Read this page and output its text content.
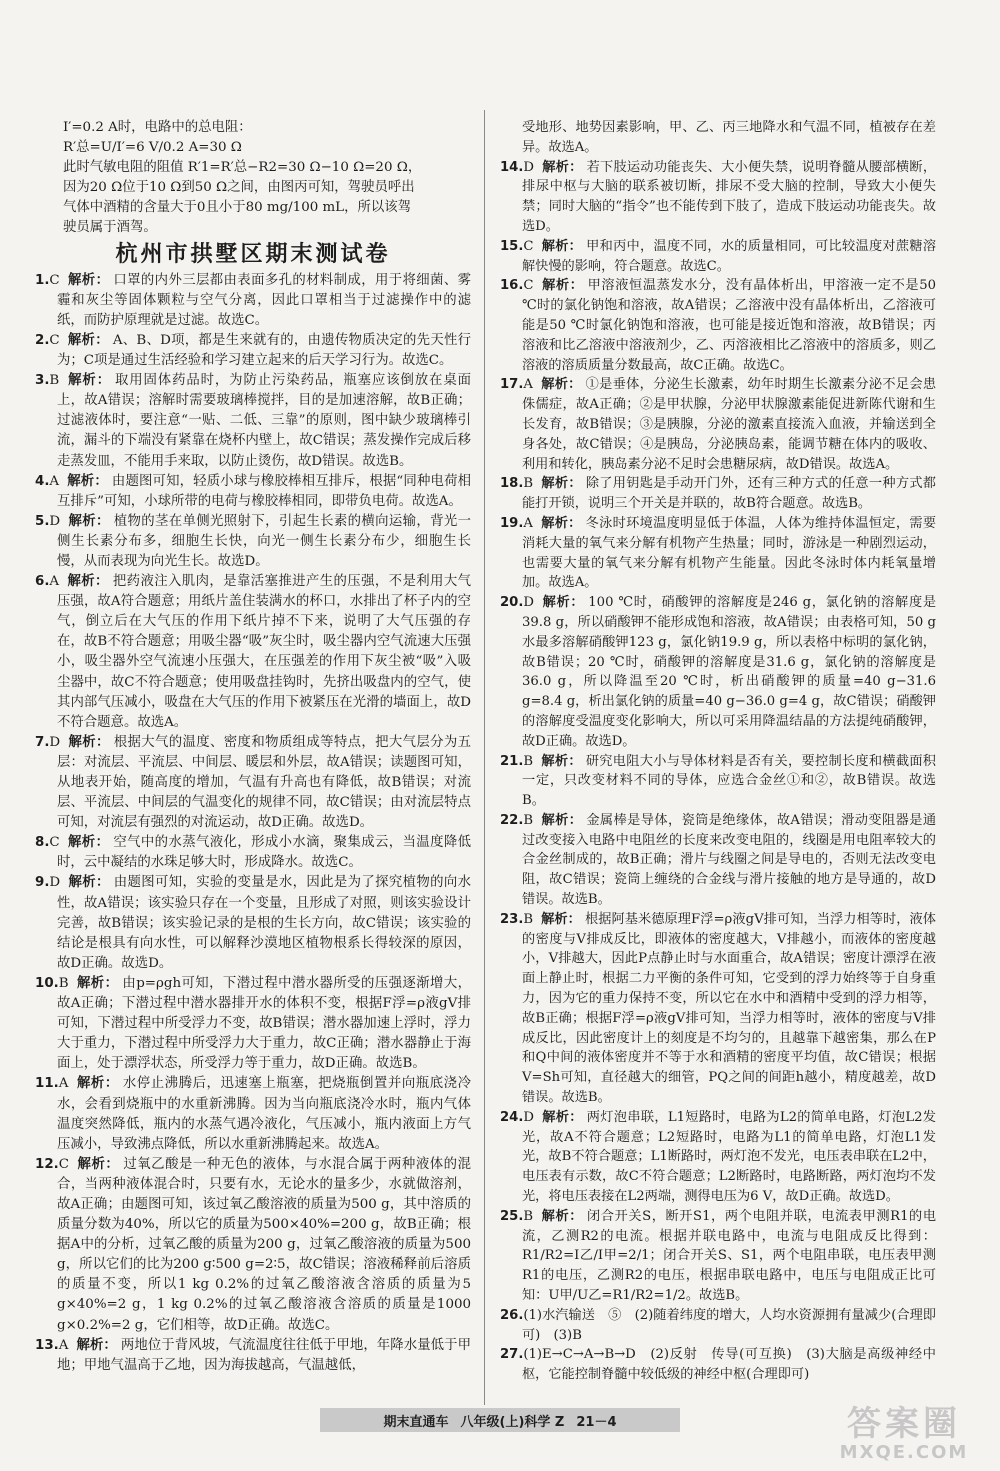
I′=0.2 A时，电路中的总电阻：

R′总=U/I′=6 V/0.2 A=30 Ω

此时气敏电阻的阻值 R′1=R′总−R2=30 Ω−10 Ω=20 Ω，

因为20 Ω位于10 Ω到50 Ω之间，由图丙可知，驾驶员呼出

气体中酒精的含量大于0且小于80 mg/100 mL，所以该驾

驶员属于酒驾。

杭州市拱墅区期末测试卷

1.C 解析： 口罩的内外三层都由表面多孔的材料制成，用于将细菌、雾霾和灰尘等固体颗粒与空气分离，因此口罩相当于过滤操作中的滤纸，而防护原理就是过滤。故选C。

2.C 解析： A、B、D项，都是生来就有的，由遗传物质决定的先天性行为；C项是通过生活经验和学习建立起来的后天学习行为。故选C。

3.B 解析： 取用固体药品时，为防止污染药品，瓶塞应该倒放在桌面上，故A错误；溶解时需要玻璃棒搅拌，目的是加速溶解，故B正确；过滤液体时，要注意“一贴、二低、三靠”的原则，图中缺少玻璃棒引流，漏斗的下端没有紧靠在烧杯内壁上，故C错误；蒸发操作完成后移走蒸发皿，不能用手来取，以防止烫伤，故D错误。故选B。

4.A 解析： 由题图可知，轻质小球与橡胶棒相互排斥，根据“同种电荷相互排斥”可知，小球所带的电荷与橡胶棒相同，即带负电荷。故选A。

5.D 解析： 植物的茎在单侧光照射下，引起生长素的横向运输，背光一侧生长素分布多，细胞生长快，向光一侧生长素分布少，细胞生长慢，从而表现为向光生长。故选D。

6.A 解析： 把药液注入肌肉，是靠活塞推进产生的压强，不是利用大气压强，故A符合题意；用纸片盖住装满水的杯口，水排出了杯子内的空气，倒立后在大气压的作用下纸片掉不下来，说明了大气压强的存在，故B不符合题意；用吸尘器“吸”灰尘时，吸尘器内空气流速大压强小，吸尘器外空气流速小压强大，在压强差的作用下灰尘被“吸”入吸尘器中，故C不符合题意；使用吸盘挂钩时，先挤出吸盘内的空气，使其内部气压减小，吸盘在大气压的作用下被紧压在光滑的墙面上，故D不符合题意。故选A。

7.D 解析： 根据大气的温度、密度和物质组成等特点，把大气层分为五层：对流层、平流层、中间层、暖层和外层，故A错误；读题图可知，从地表开始，随高度的增加，气温有升高也有降低，故B错误；对流层、平流层、中间层的气温变化的规律不同，故C错误；由对流层特点可知，对流层有强烈的对流运动，故D正确。故选D。

8.C 解析： 空气中的水蒸气液化，形成小水滴，聚集成云，当温度降低时，云中凝结的水珠足够大时，形成降水。故选C。

9.D 解析： 由题图可知，实验的变量是水，因此是为了探究植物的向水性，故A错误；该实验只存在一个变量，且形成了对照，则该实验设计完善，故B错误；该实验记录的是根的生长方向，故C错误；该实验的结论是根具有向水性，可以解释沙漠地区植物根系长得较深的原因，故D正确。故选D。

10.B 解析： 由p=ρgh可知，下潜过程中潜水器所受的压强逐渐增大，故A正确；下潜过程中潜水器排开水的体积不变，根据F浮=ρ液gV排可知，下潜过程中所受浮力不变，故B错误；潜水器加速上浮时，浮力大于重力，下潜过程中所受浮力大于重力，故C正确；潜水器静止于海面上，处于漂浮状态，所受浮力等于重力，故D正确。故选B。

11.A 解析： 水停止沸腾后，迅速塞上瓶塞，把烧瓶倒置并向瓶底浇冷水，会看到烧瓶中的水重新沸腾。因为当向瓶底浇冷水时，瓶内气体温度突然降低，瓶内的水蒸气遇冷液化，气压减小，瓶内液面上方气压减小，导致沸点降低，所以水重新沸腾起来。故选A。

12.C 解析： 过氧乙酸是一种无色的液体，与水混合属于两种液体的混合，当两种液体混合时，只要有水，无论水的量多少，水就做溶剂，故A正确；由题图可知，该过氧乙酸溶液的质量为500 g，其中溶质的质量分数为40%，所以它的质量为500×40%=200 g，故B正确；根据A中的分析，过氧乙酸的质量为200 g，过氧乙酸溶液的质量为500 g，所以它们的比为200 g∶500 g=2∶5，故C错误；溶液稀释前后溶质的质量不变，所以1 kg 0.2%的过氧乙酸溶液含溶质的质量为5 g×40%=2 g，1 kg 0.2%的过氧乙酸溶液含溶质的质量是1000 g×0.2%=2 g，它们相等，故D正确。故选C。

13.A 解析： 两地位于背风坡，气流温度往往低于甲地，年降水量低于甲地；甲地气温高于乙地，因为海拔越高，气温越低，

受地形、地势因素影响，甲、乙、丙三地降水和气温不同，植被存在差异。故选A。

14.D 解析： 若下肢运动功能丧失、大小便失禁，说明脊髓从腰部横断，排尿中枢与大脑的联系被切断，排尿不受大脑的控制，导致大小便失禁；同时大脑的“指令”也不能传到下肢了，造成下肢运动功能丧失。故选D。

15.C 解析： 甲和丙中，温度不同，水的质量相同，可比较温度对蔗糖溶解快慢的影响，符合题意。故选C。

16.C 解析： 甲溶液恒温蒸发水分，没有晶体析出，甲溶液一定不是50 ℃时的氯化钠饱和溶液，故A错误；乙溶液中没有晶体析出，乙溶液可能是50 ℃时氯化钠饱和溶液，也可能是接近饱和溶液，故B错误；丙溶液和比乙溶液中溶液剂少，乙、丙溶液相比乙溶液中的溶质多，则乙溶液的溶质质量分数最高，故C正确。故选C。

17.A 解析： ①是垂体，分泌生长激素，幼年时期生长激素分泌不足会患侏儒症，故A正确；②是甲状腺，分泌甲状腺激素能促进新陈代谢和生长发育，故B错误；③是胰腺，分泌的激素直接流入血液，并输送到全身各处，故C错误；④是胰岛，分泌胰岛素，能调节糖在体内的吸收、利用和转化，胰岛素分泌不足时会患糖尿病，故D错误。故选A。

18.B 解析： 除了用钥匙是手动开门外，还有三种方式的任意一种方式都能打开锁，说明三个开关是并联的，故B符合题意。故选B。

19.A 解析： 冬泳时环境温度明显低于体温，人体为维持体温恒定，需要消耗大量的氧气来分解有机物产生热量；同时，游泳是一种剧烈运动，也需要大量的氧气来分解有机物产生能量。因此冬泳时体内耗氧量增加。故选A。

20.D 解析： 100 ℃时，硝酸钾的溶解度是246 g，氯化钠的溶解度是39.8 g，所以硝酸钾不能形成饱和溶液，故A错误；由表格可知，50 g水最多溶解硝酸钾123 g，氯化钠19.9 g，所以表格中标明的氯化钠，故B错误；20 ℃时，硝酸钾的溶解度是31.6 g，氯化钠的溶解度是36.0 g，所以降温至20 ℃时，析出硝酸钾的质量=40 g−31.6 g=8.4 g，析出氯化钠的质量=40 g−36.0 g=4 g，故C错误；硝酸钾的溶解度受温度变化影响大，所以可采用降温结晶的方法提纯硝酸钾，故D正确。故选D。

21.B 解析： 研究电阻大小与导体材料是否有关，要控制长度和横截面积一定，只改变材料不同的导体，应选合金丝①和②，故B错误。故选B。

22.B 解析： 金属棒是导体，瓷筒是绝缘体，故A错误；滑动变阻器是通过改变接入电路中电阻丝的长度来改变电阻的，线圈是用电阻率较大的合金丝制成的，故B正确；滑片与线圈之间是导电的，否则无法改变电阻，故C错误；瓷筒上缠绕的合金线与滑片接触的地方是导通的，故D错误。故选B。

23.B 解析： 根据阿基米德原理F浮=ρ液gV排可知，当浮力相等时，液体的密度与V排成反比，即液体的密度越大，V排越小，而液体的密度越小，V排越大，因此P点静止时与水面重合，故A错误；密度计漂浮在液面上静止时，根据二力平衡的条件可知，它受到的浮力始终等于自身重力，因为它的重力保持不变，所以它在水中和酒精中受到的浮力相等，故B正确；根据F浮=ρ液gV排可知，当浮力相等时，液体的密度与V排成反比，因此密度计上的刻度是不均匀的，且越靠下越密集，那么在P和Q中间的液体密度并不等于水和酒精的密度平均值，故C错误；根据V=Sh可知，直径越大的细管，PQ之间的间距h越小，精度越差，故D错误。故选B。

24.D 解析： 两灯泡串联，L1短路时，电路为L2的简单电路，灯泡L2发光，故A不符合题意；L2短路时，电路为L1的简单电路，灯泡L1发光，故B不符合题意；L1断路时，两灯泡不发光，电压表串联在L2中，电压表有示数，故C不符合题意；L2断路时，电路断路，两灯泡均不发光，将电压表接在L2两端，测得电压为6 V，故D正确。故选D。

25.B 解析： 闭合开关S，断开S1，两个电阻并联，电流表甲测R1的电流，乙测R2的电流。根据并联电路中，电流与电阻成反比得到：R1/R2=I乙/I甲=2/1；闭合开关S、S1，两个电阻串联，电压表甲测R1的电压，乙测R2的电压，根据串联电路中，电压与电阻成正比可知：U甲/U乙=R1/R2=1/2。故选B。

26.(1)水汽输送　⑤　(2)随着纬度的增大，人均水资源拥有量减少(合理即可)　(3)B

27.(1)E→C→A→B→D　(2)反射　传导(可互换)　(3)大脑是高级神经中枢，它能控制脊髓中较低级的神经中枢(合理即可)

期末直通车 八年级(上)科学 Z 21－4	答案圈
MXQE.COM
